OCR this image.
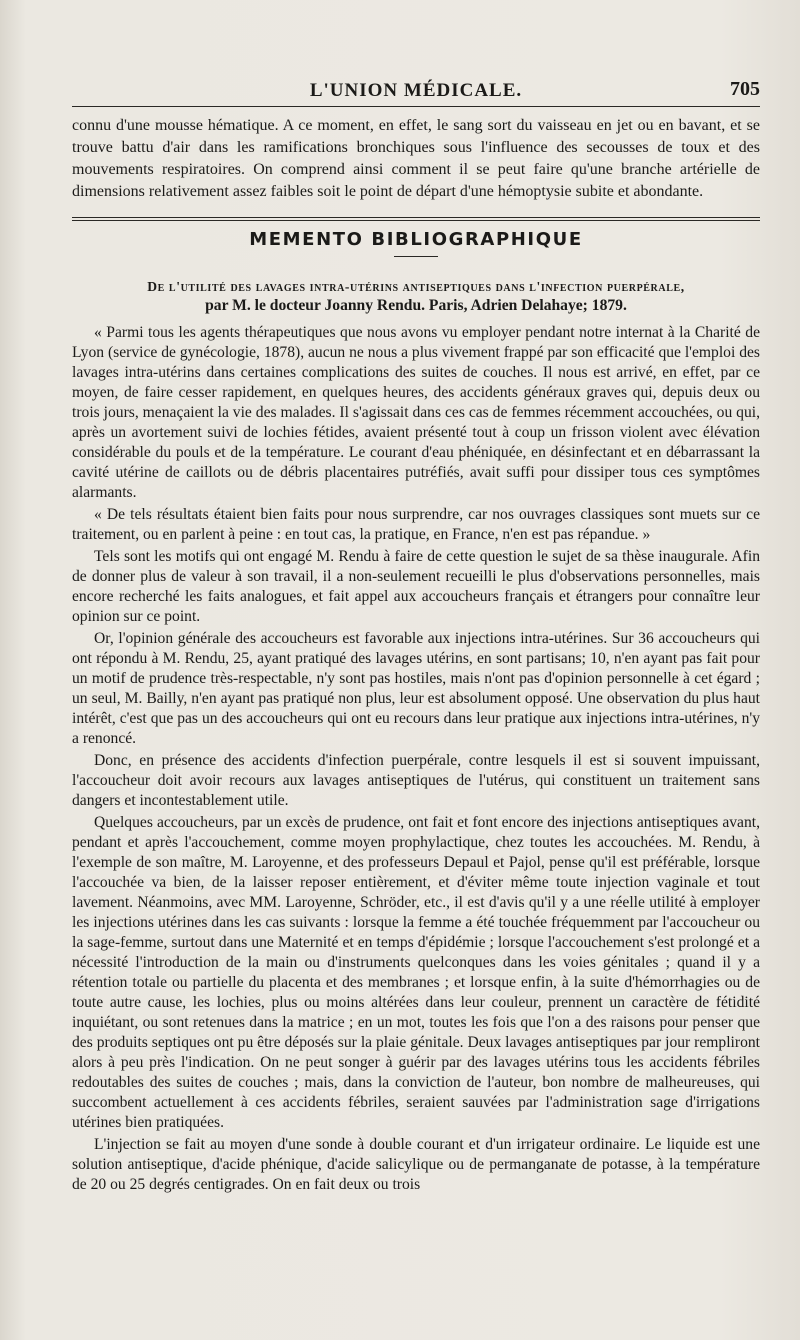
L'UNION MÉDICALE.	705

connu d'une mousse hématique. A ce moment, en effet, le sang sort du vaisseau en jet ou en bavant, et se trouve battu d'air dans les ramifications bronchiques sous l'influence des secousses de toux et des mouvements respiratoires. On comprend ainsi comment il se peut faire qu'une branche artérielle de dimensions relativement assez faibles soit le point de départ d'une hémoptysie subite et abondante.

MEMENTO BIBLIOGRAPHIQUE
De l'utilité des lavages intra-utérins antiseptiques dans l'infection puerpérale,
par M. le docteur Joanny Rendu. Paris, Adrien Delahaye; 1879.

« Parmi tous les agents thérapeutiques que nous avons vu employer pendant notre internat à la Charité de Lyon (service de gynécologie, 1878), aucun ne nous a plus vivement frappé par son efficacité que l'emploi des lavages intra-utérins dans certaines complications des suites de couches. Il nous est arrivé, en effet, par ce moyen, de faire cesser rapidement, en quelques heures, des accidents généraux graves qui, depuis deux ou trois jours, menaçaient la vie des malades. Il s'agissait dans ces cas de femmes récemment accouchées, ou qui, après un avortement suivi de lochies fétides, avaient présenté tout à coup un frisson violent avec élévation considérable du pouls et de la température. Le courant d'eau phéniquée, en désinfectant et en débarrassant la cavité utérine de caillots ou de débris placentaires putréfiés, avait suffi pour dissiper tous ces symptômes alarmants.

« De tels résultats étaient bien faits pour nous surprendre, car nos ouvrages classiques sont muets sur ce traitement, ou en parlent à peine : en tout cas, la pratique, en France, n'en est pas répandue. »

Tels sont les motifs qui ont engagé M. Rendu à faire de cette question le sujet de sa thèse inaugurale. Afin de donner plus de valeur à son travail, il a non-seulement recueilli le plus d'observations personnelles, mais encore recherché les faits analogues, et fait appel aux accoucheurs français et étrangers pour connaître leur opinion sur ce point.

Or, l'opinion générale des accoucheurs est favorable aux injections intra-utérines. Sur 36 accoucheurs qui ont répondu à M. Rendu, 25, ayant pratiqué des lavages utérins, en sont partisans; 10, n'en ayant pas fait pour un motif de prudence très-respectable, n'y sont pas hostiles, mais n'ont pas d'opinion personnelle à cet égard ; un seul, M. Bailly, n'en ayant pas pratiqué non plus, leur est absolument opposé. Une observation du plus haut intérêt, c'est que pas un des accoucheurs qui ont eu recours dans leur pratique aux injections intra-utérines, n'y a renoncé.

Donc, en présence des accidents d'infection puerpérale, contre lesquels il est si souvent impuissant, l'accoucheur doit avoir recours aux lavages antiseptiques de l'utérus, qui constituent un traitement sans dangers et incontestablement utile.

Quelques accoucheurs, par un excès de prudence, ont fait et font encore des injections antiseptiques avant, pendant et après l'accouchement, comme moyen prophylactique, chez toutes les accouchées. M. Rendu, à l'exemple de son maître, M. Laroyenne, et des professeurs Depaul et Pajol, pense qu'il est préférable, lorsque l'accouchée va bien, de la laisser reposer entièrement, et d'éviter même toute injection vaginale et tout lavement. Néanmoins, avec MM. Laroyenne, Schröder, etc., il est d'avis qu'il y a une réelle utilité à employer les injections utérines dans les cas suivants : lorsque la femme a été touchée fréquemment par l'accoucheur ou la sage-femme, surtout dans une Maternité et en temps d'épidémie ; lorsque l'accouchement s'est prolongé et a nécessité l'introduction de la main ou d'instruments quelconques dans les voies génitales ; quand il y a rétention totale ou partielle du placenta et des membranes ; et lorsque enfin, à la suite d'hémorrhagies ou de toute autre cause, les lochies, plus ou moins altérées dans leur couleur, prennent un caractère de fétidité inquiétant, ou sont retenues dans la matrice ; en un mot, toutes les fois que l'on a des raisons pour penser que des produits septiques ont pu être déposés sur la plaie génitale. Deux lavages antiseptiques par jour rempliront alors à peu près l'indication. On ne peut songer à guérir par des lavages utérins tous les accidents fébriles redoutables des suites de couches ; mais, dans la conviction de l'auteur, bon nombre de malheureuses, qui succombent actuellement à ces accidents fébriles, seraient sauvées par l'administration sage d'irrigations utérines bien pratiquées.

L'injection se fait au moyen d'une sonde à double courant et d'un irrigateur ordinaire. Le liquide est une solution antiseptique, d'acide phénique, d'acide salicylique ou de permanganate de potasse, à la température de 20 ou 25 degrés centigrades. On en fait deux ou trois
